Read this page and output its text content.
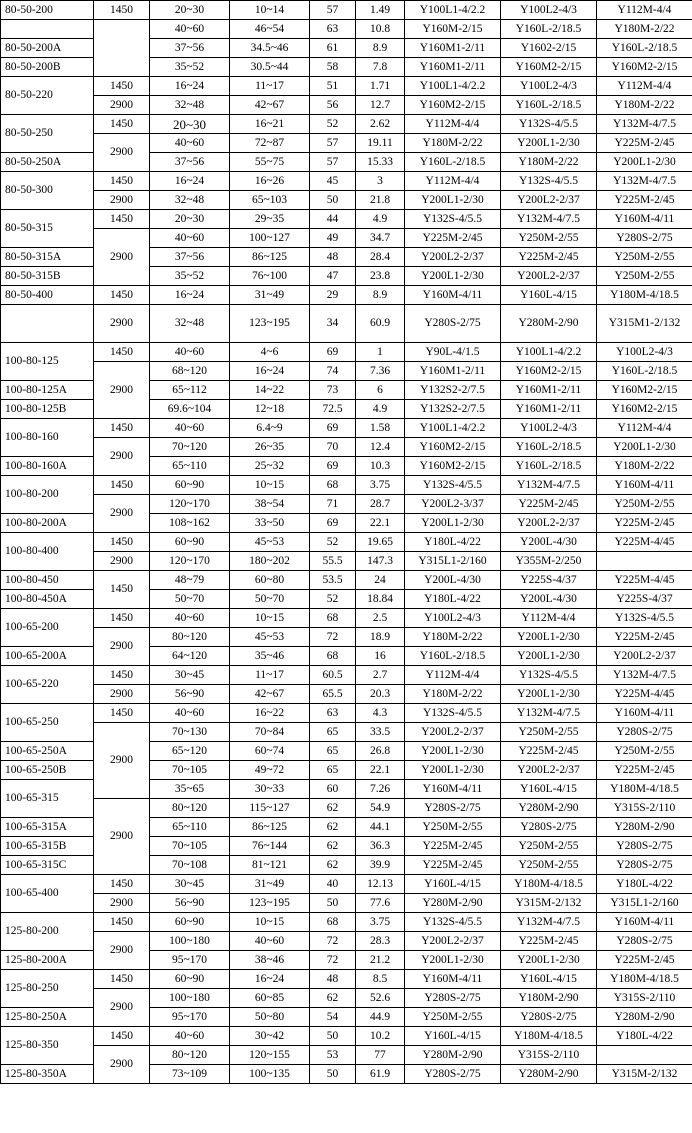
80-50-200	1450	20~30	10~14	57	1.49	Y100L1-4/2.2	Y100L2-4/3	Y112M-4/4
		40~60	46~54	63	10.8	Y160M-2/15	Y160L-2/18.5	Y180M-2/22
80-50-200A		37~56	34.5~46	61	8.9	Y160M1-2/11	Y1602-2/15	Y160L-2/18.5
80-50-200B		35~52	30.5~44	58	7.8	Y160M1-2/11	Y160M2-2/15	Y160M2-2/15
80-50-220	1450	16~24	11~17	51	1.71	Y100L1-4/2.2	Y100L2-4/3	Y112M-4/4
	2900	32~48	42~67	56	12.7	Y160M2-2/15	Y160L-2/18.5	Y180M-2/22
80-50-250	1450	20~30	16~21	52	2.62	Y112M-4/4	Y132S-4/5.5	Y132M-4/7.5
	2900	40~60	72~87	57	19.11	Y180M-2/22	Y200L1-2/30	Y225M-2/45
80-50-250A		37~56	55~75	57	15.33	Y160L-2/18.5	Y180M-2/22	Y200L1-2/30
80-50-300	1450	16~24	16~26	45	3	Y112M-4/4	Y132S-4/5.5	Y132M-4/7.5
	2900	32~48	65~103	50	21.8	Y200L1-2/30	Y200L2-2/37	Y225M-2/45
80-50-315	1450	20~30	29~35	44	4.9	Y132S-4/5.5	Y132M-4/7.5	Y160M-4/11
	2900	40~60	100~127	49	34.7	Y225M-2/45	Y250M-2/55	Y280S-2/75
80-50-315A		37~56	86~125	48	28.4	Y200L2-2/37	Y225M-2/45	Y250M-2/55
80-50-315B		35~52	76~100	47	23.8	Y200L1-2/30	Y200L2-2/37	Y250M-2/55
80-50-400	1450	16~24	31~49	29	8.9	Y160M-4/11	Y160L-4/15	Y180M-4/18.5
	2900	32~48	123~195	34	60.9	Y280S-2/75	Y280M-2/90	Y315M1-2/132
100-80-125	1450	40~60	4~6	69	1	Y90L-4/1.5	Y100L1-4/2.2	Y100L2-4/3
	2900	68~120	16~24	74	7.36	Y160M1-2/11	Y160M2-2/15	Y160L-2/18.5
100-80-125A		65~112	14~22	73	6	Y132S2-2/7.5	Y160M1-2/11	Y160M2-2/15
100-80-125B		69.6~104	12~18	72.5	4.9	Y132S2-2/7.5	Y160M1-2/11	Y160M2-2/15
100-80-160	1450	40~60	6.4~9	69	1.58	Y100L1-4/2.2	Y100L2-4/3	Y112M-4/4
	2900	70~120	26~35	70	12.4	Y160M2-2/15	Y160L-2/18.5	Y200L1-2/30
100-80-160A		65~110	25~32	69	10.3	Y160M2-2/15	Y160L-2/18.5	Y180M-2/22
100-80-200	1450	60~90	10~15	68	3.75	Y132S-4/5.5	Y132M-4/7.5	Y160M-4/11
	2900	120~170	38~54	71	28.7	Y200L2-3/37	Y225M-2/45	Y250M-2/55
100-80-200A		108~162	33~50	69	22.1	Y200L1-2/30	Y200L2-2/37	Y225M-2/45
100-80-400	1450	60~90	45~53	52	19.65	Y180L-4/22	Y200L-4/30	Y225M-4/45
	2900	120~170	180~202	55.5	147.3	Y315L1-2/160	Y355M-2/250	
100-80-450	1450	48~79	60~80	53.5	24	Y200L-4/30	Y225S-4/37	Y225M-4/45
100-80-450A		50~70	50~70	52	18.84	Y180L-4/22	Y200L-4/30	Y225S-4/37
100-65-200	1450	40~60	10~15	68	2.5	Y100L2-4/3	Y112M-4/4	Y132S-4/5.5
	2900	80~120	45~53	72	18.9	Y180M-2/22	Y200L1-2/30	Y225M-2/45
100-65-200A		64~120	35~46	68	16	Y160L-2/18.5	Y200L1-2/30	Y200L2-2/37
100-65-220	1450	30~45	11~17	60.5	2.7	Y112M-4/4	Y132S-4/5.5	Y132M-4/7.5
	2900	56~90	42~67	65.5	20.3	Y180M-2/22	Y200L1-2/30	Y225M-4/45
100-65-250	1450	40~60	16~22	63	4.3	Y132S-4/5.5	Y132M-4/7.5	Y160M-4/11
	2900	70~130	70~84	65	33.5	Y200L2-2/37	Y250M-2/55	Y280S-2/75
100-65-250A		65~120	60~74	65	26.8	Y200L1-2/30	Y225M-2/45	Y250M-2/55
100-65-250B		70~105	49~72	65	22.1	Y200L1-2/30	Y200L2-2/37	Y225M-2/45
100-65-315		35~65	30~33	60	7.26	Y160M-4/11	Y160L-4/15	Y180M-4/18.5
	2900	80~120	115~127	62	54.9	Y280S-2/75	Y280M-2/90	Y315S-2/110
100-65-315A		65~110	86~125	62	44.1	Y250M-2/55	Y280S-2/75	Y280M-2/90
100-65-315B		70~105	76~144	62	36.3	Y225M-2/45	Y250M-2/55	Y280S-2/75
100-65-315C		70~108	81~121	62	39.9	Y225M-2/45	Y250M-2/55	Y280S-2/75
100-65-400	1450	30~45	31~49	40	12.13	Y160L-4/15	Y180M-4/18.5	Y180L-4/22
	2900	56~90	123~195	50	77.6	Y280M-2/90	Y315M-2/132	Y315L1-2/160
125-80-200	1450	60~90	10~15	68	3.75	Y132S-4/5.5	Y132M-4/7.5	Y160M-4/11
	2900	100~180	40~60	72	28.3	Y200L2-2/37	Y225M-2/45	Y280S-2/75
125-80-200A		95~170	38~46	72	21.2	Y200L1-2/30	Y200L1-2/30	Y225M-2/45
125-80-250	1450	60~90	16~24	48	8.5	Y160M-4/11	Y160L-4/15	Y180M-4/18.5
	2900	100~180	60~85	62	52.6	Y280S-2/75	Y180M-2/90	Y315S-2/110
125-80-250A		95~170	50~80	54	44.9	Y250M-2/55	Y280S-2/75	Y280M-2/90
125-80-350	1450	40~60	30~42	50	10.2	Y160L-4/15	Y180M-4/18.5	Y180L-4/22
	2900	80~120	120~155	53	77	Y280M-2/90	Y315S-2/110	
125-80-350A		73~109	100~135	50	61.9	Y280S-2/75	Y280M-2/90	Y315M-2/132
